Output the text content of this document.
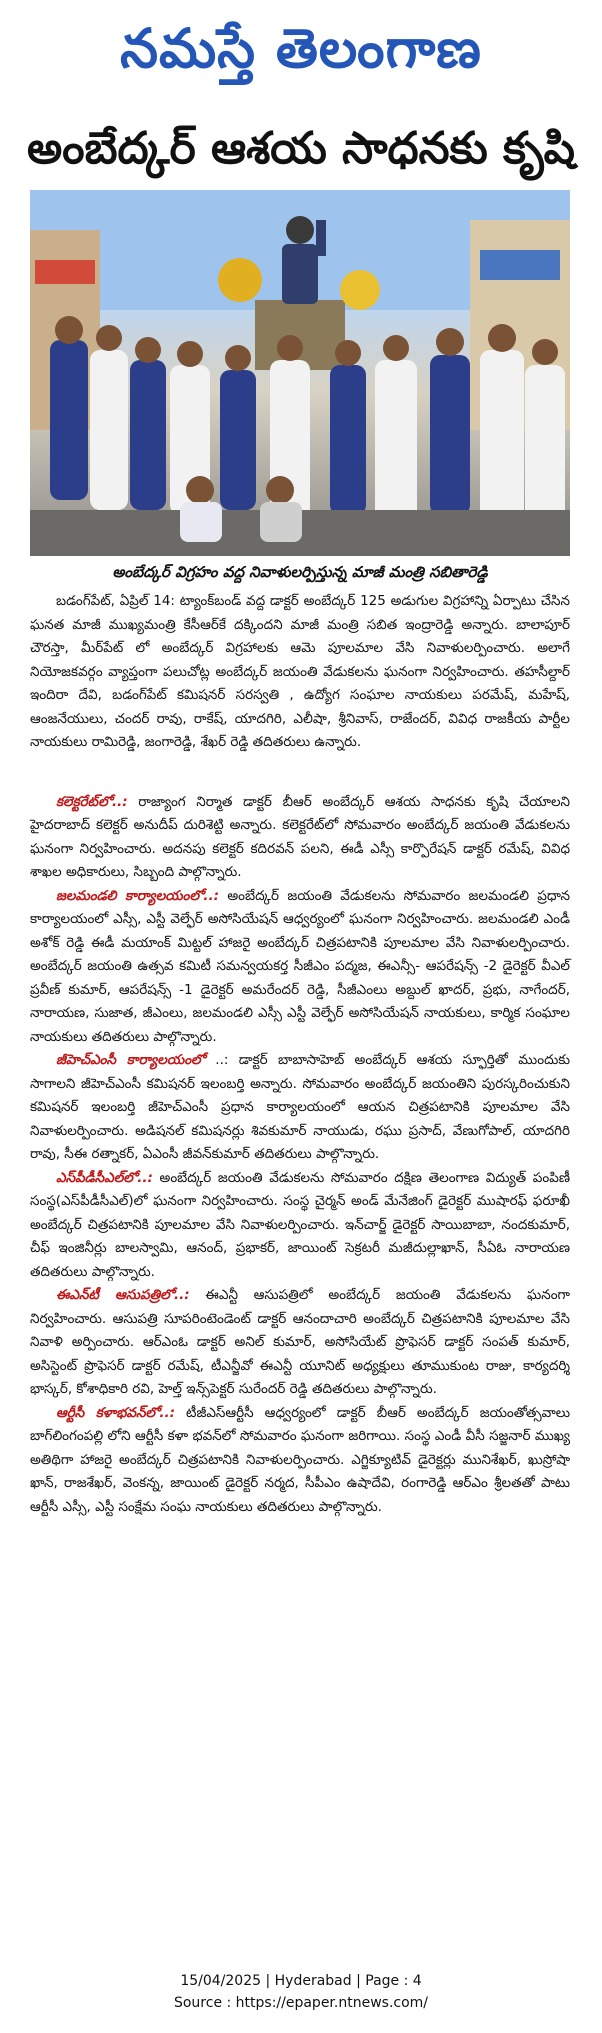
నమస్తే తెలంగాణ
అంబేద్కర్ ఆశయ సాధనకు కృషి
అంబేద్కర్ విగ్రహం వద్ద నివాళులర్పిస్తున్న మాజీ మంత్రి సబితారెడ్డి

బడంగ్‌పేట్, ఏప్రిల్ 14: ట్యాంక్‌బండ్ వద్ద డాక్టర్ అంబేద్కర్ 125 అడుగుల విగ్రహాన్ని ఏర్పాటు చేసిన ఘనత మాజీ ముఖ్యమంత్రి కేసీఆర్‌కే దక్కిందని మాజీ మంత్రి సబిత ఇంద్రారెడ్డి అన్నారు. బాలాపూర్ చౌరస్తా, మీర్‌పేట్ లో అంబేద్కర్ విగ్రహాలకు ఆమె పూలమాల వేసి నివాళులర్పించారు. అలాగే నియోజకవర్గం వ్యాప్తంగా పలుచోట్ల అంబేద్కర్ జయంతి వేడుకలను ఘనంగా నిర్వహించారు. తహసీల్దార్ ఇందిరా దేవి, బడంగ్‌పేట్ కమిషనర్ సరస్వతి , ఉద్యోగ సంఘాల నాయకులు పరమేష్, మహేష్, ఆంజనేయులు, చందర్ రావు, రాకేష్, యాదగిరి, ఎలీషా, శ్రీనివాస్, రాజేందర్, వివిధ రాజకీయ పార్టీల నాయకులు రామిరెడ్డి, జంగారెడ్డి, శేఖర్ రెడ్డి తదితరులు ఉన్నారు.

కలెక్టరేట్‌లో..: రాజ్యాంగ నిర్మాత డాక్టర్ బీఆర్ అంబేద్కర్ ఆశయ సాధనకు కృషి చేయాలని హైదరాబాద్ కలెక్టర్ అనుదీప్ దురిశెట్టి అన్నారు. కలెక్టరేట్‌లో సోమవారం అంబేద్కర్ జయంతి వేడుకలను ఘనంగా నిర్వహించారు. అదనపు కలెక్టర్ కదిరవన్ పలని, ఈడీ ఎస్సీ కార్పొరేషన్ డాక్టర్ రమేష్, వివిధ శాఖల అధికారులు, సిబ్బంది పాల్గొన్నారు.

జలమండలి కార్యాలయంలో..: అంబేద్కర్ జయంతి వేడుకలను సోమవారం జలమండలి ప్రధాన కార్యాలయంలో ఎస్సీ, ఎస్టీ వెల్ఫేర్ అసోసియేషన్ ఆధ్వర్యంలో ఘనంగా నిర్వహించారు. జలమండలి ఎండీ అశోక్ రెడ్డి ఈడీ మయాంక్ మిట్టల్ హాజరై అంబేద్కర్ చిత్రపటానికి పూలమాల వేసి నివాళులర్పించారు. అంబేద్కర్ జయంతి ఉత్సవ కమిటీ సమన్వయకర్త సీజీఎం పద్మజ, ఈఎన్సీ- ఆపరేషన్స్ -2 డైరెక్టర్ వీఎల్ ప్రవీణ్ కుమార్, ఆపరేషన్స్ -1 డైరెక్టర్ అమరేందర్ రెడ్డి, సీజీఎంలు అబ్దుల్ ఖాదర్, ప్రభు, నాగేందర్, నారాయణ, సుజాత, జీఎంలు, జలమండలి ఎస్సీ ఎస్టీ వెల్ఫేర్ అసోసియేషన్ నాయకులు, కార్మిక సంఘాల నాయకులు తదితరులు పాల్గొన్నారు.

జీహెచ్ఎంసీ కార్యాలయంలో ..: డాక్టర్ బాబాసాహెబ్ అంబేద్కర్ ఆశయ స్ఫూర్తితో ముందుకు సాగాలని జీహెచ్ఎంసీ కమిషనర్ ఇలంబర్తి అన్నారు. సోమవారం అంబేద్కర్ జయంతిని పురస్కరించుకుని కమిషనర్ ఇలంబర్తి జీహెచ్ఎంసీ ప్రధాన కార్యాలయంలో ఆయన చిత్రపటానికి పూలమాల వేసి నివాళులర్పించారు. అడిషనల్ కమిషనర్లు శివకుమార్ నాయుడు, రఘు ప్రసాద్, వేణుగోపాల్, యాదగిరి రావు, సీఈ రత్నాకర్, ఏఎంసీ జీవన్‌కుమార్ తదితరులు పాల్గొన్నారు.

ఎస్‌పీడీసీఎల్‌లో..: అంబేద్కర్ జయంతి వేడుకలను సోమవారం దక్షిణ తెలంగాణ విద్యుత్ పంపిణీ సంస్థ(ఎస్‌పీడీసీఎల్)లో ఘనంగా నిర్వహించారు. సంస్థ చైర్మన్ అండ్ మేనేజింగ్ డైరెక్టర్ ముషారఫ్ ఫరూఖీ అంబేద్కర్ చిత్రపటానికి పూలమాల వేసి నివాళులర్పించారు. ఇన్‌చార్జ్ డైరెక్టర్ సాయిబాబా, నందకుమార్, చీఫ్ ఇంజినీర్లు బాలస్వామి, ఆనంద్, ప్రభాకర్, జాయింట్ సెక్రటరీ మజీదుల్లాఖాన్, సీఏఓ నారాయణ తదితరులు పాల్గొన్నారు.

ఈఎన్‌టీ ఆసుపత్రిలో..: ఈఎన్టీ ఆసుపత్రిలో అంబేద్కర్ జయంతి వేడుకలను ఘనంగా నిర్వహించారు. ఆసుపత్రి సూపరింటెండెంట్ డాక్టర్ ఆనందాచారి అంబేద్కర్ చిత్రపటానికి పూలమాల వేసి నివాళి అర్పించారు. ఆర్ఎంఓ డాక్టర్ అనిల్ కుమార్, అసోసియేట్ ప్రొఫెసర్ డాక్టర్ సంపత్ కుమార్, అసిస్టెంట్ ప్రొఫెసర్ డాక్టర్ రమేష్, టీఎన్జీవో ఈఎన్టీ యూనిట్ అధ్యక్షులు తూముకుంట రాజు, కార్యదర్శి భాస్కర్, కోశాధికారి రవి, హెల్త్ ఇన్స్‌పెక్టర్ సురేందర్ రెడ్డి తదితరులు పాల్గొన్నారు.

ఆర్టీసీ కళాభవన్‌లో..: టీజీఎస్ఆర్టీసీ ఆధ్వర్యంలో డాక్టర్ బీఆర్ అంబేద్కర్ జయంతోత్సవాలు బాగ్‌లింగంపల్లి లోని ఆర్టీసీ కళా భవన్‌లో సోమవారం ఘనంగా జరిగాయి. సంస్థ ఎండీ వీసీ సజ్జనార్ ముఖ్య అతిథిగా హాజరై అంబేద్కర్ చిత్రపటానికి నివాళులర్పించారు. ఎగ్జిక్యూటివ్ డైరెక్టర్లు మునిశేఖర్, ఖుస్రోషా ఖాన్, రాజశేఖర్, వెంకన్న, జాయింట్ డైరెక్టర్ నర్మద, సీపీఎం ఉషాదేవి, రంగారెడ్డి ఆర్ఎం శ్రీలతతో పాటు ఆర్టీసీ ఎస్సీ, ఎస్టీ సంక్షేమ సంఘ నాయకులు తదితరులు పాల్గొన్నారు.

15/04/2025 | Hyderabad | Page : 4
Source : https://epaper.ntnews.com/
